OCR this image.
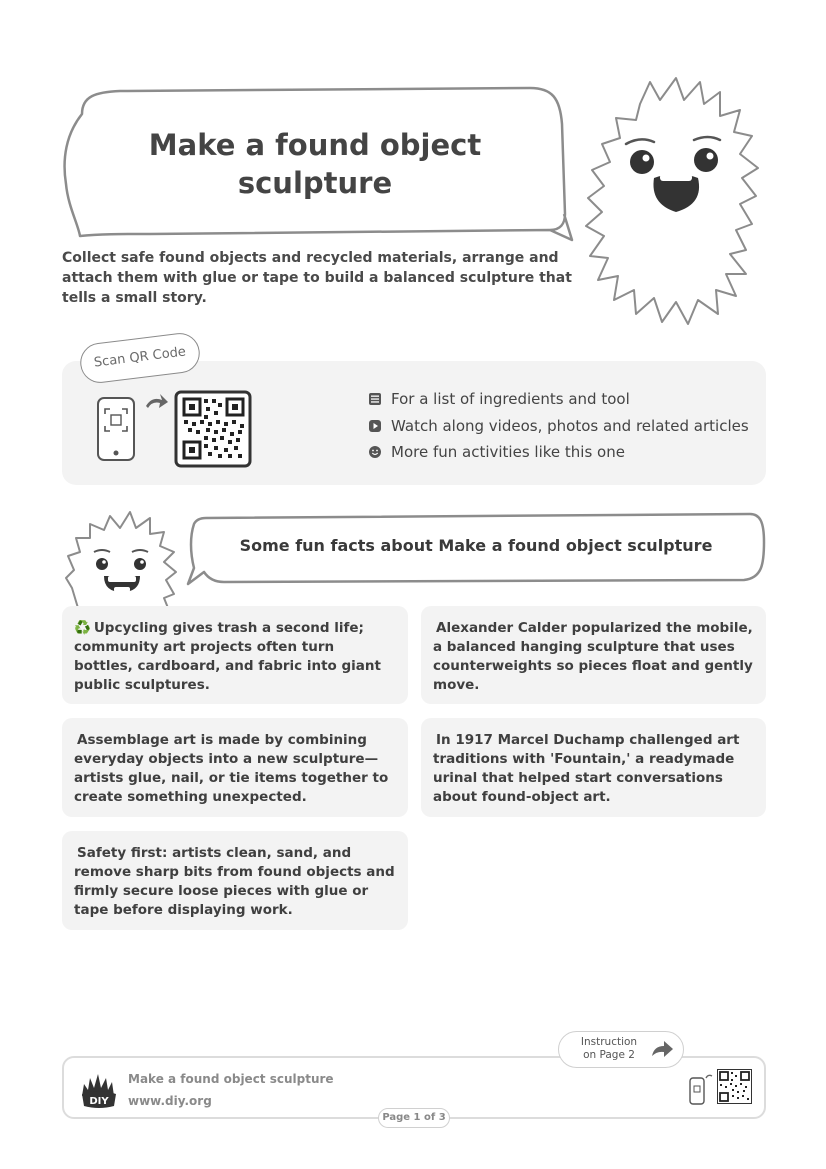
Make a found object sculpture
Collect safe found objects and recycled materials, arrange and attach them with glue or tape to build a balanced sculpture that tells a small story.
Scan QR Code
For a list of ingredients and tool
Watch along videos, photos and related articles
More fun activities like this one
Some fun facts about Make a found object sculpture
♻️ Upcycling gives trash a second life; community art projects often turn bottles, cardboard, and fabric into giant public sculptures.
Alexander Calder popularized the mobile, a balanced hanging sculpture that uses counterweights so pieces float and gently move.
Assemblage art is made by combining everyday objects into a new sculpture—artists glue, nail, or tie items together to create something unexpected.
In 1917 Marcel Duchamp challenged art traditions with 'Fountain,' a readymade urinal that helped start conversations about found-object art.
Safety first: artists clean, sand, and remove sharp bits from found objects and firmly secure loose pieces with glue or tape before displaying work.
Instruction
on Page 2
DIY
Make a found object sculpture
www.diy.org
Page 1 of 3
